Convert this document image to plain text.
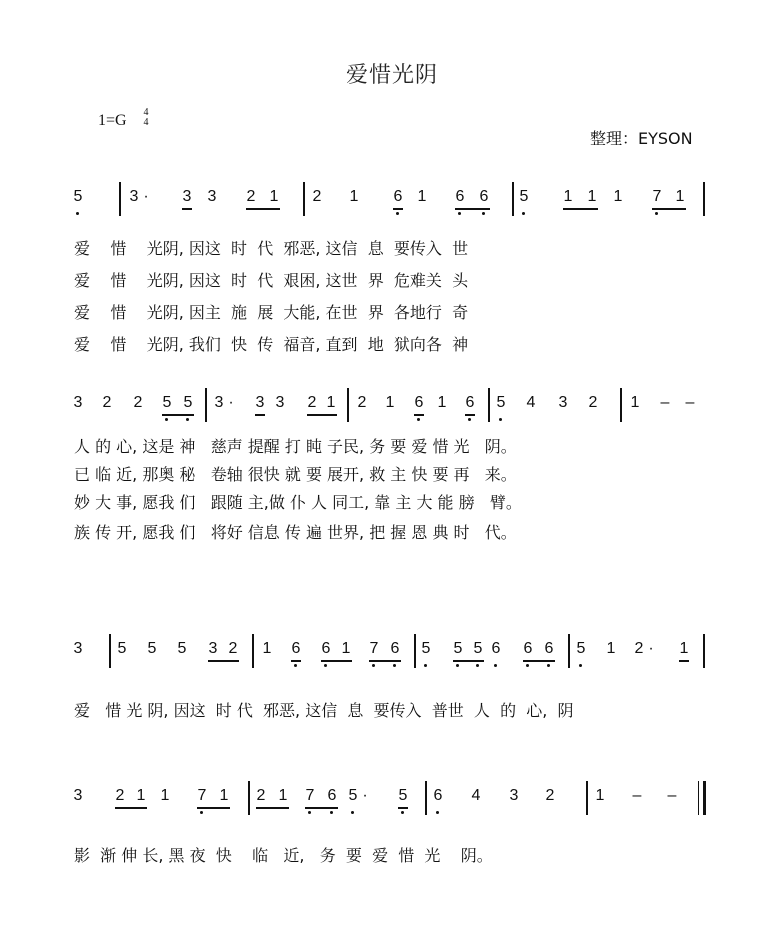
爱惜光阴
1=G 4
4
整理：EYSON
5	3 · 3 3 2 1 2 1 6 1 6 6 5 1 1 1 7 1
爱    惜    光阴, 因这  时  代  邪恶, 这信  息  要传入  世
爱    惜    光阴, 因这  时  代  艰困, 这世  界  危难关  头
爱    惜    光阴, 因主  施  展  大能, 在世  界  各地行  奇
爱    惜    光阴, 我们  快  传  福音, 直到  地  狱向各  神
3 2 2 5 5 3 · 3 3 2 1 2 1 6 1 6 5 4 3 2 1 – –
人 的 心, 这是 神   慈声 提醒 打 盹 子民, 务 要 爱 惜 光   阴。
已 临 近, 那奥 秘   卷轴 很快 就 要 展开, 救 主 快 要 再   来。
妙 大 事, 愿我 们   跟随 主,做 仆 人 同工, 靠 主 大 能 膀   臂。
族 传 开, 愿我 们   将好 信息 传 遍 世界, 把 握 恩 典 时   代。
3 5 5 5 3 2 1 6 6 1 7 6 5 5 5 6 6 6 5 1 2 · 1
爱   惜 光 阴, 因这  时 代  邪恶, 这信  息  要传入  普世  人  的  心,  阴
3 2 1 1 7 1 2 1 7 6 5 · 5 6 4 3 2	1 – –
影  渐 伸 长, 黑 夜  快    临   近,   务  要  爱  惜  光    阴。
